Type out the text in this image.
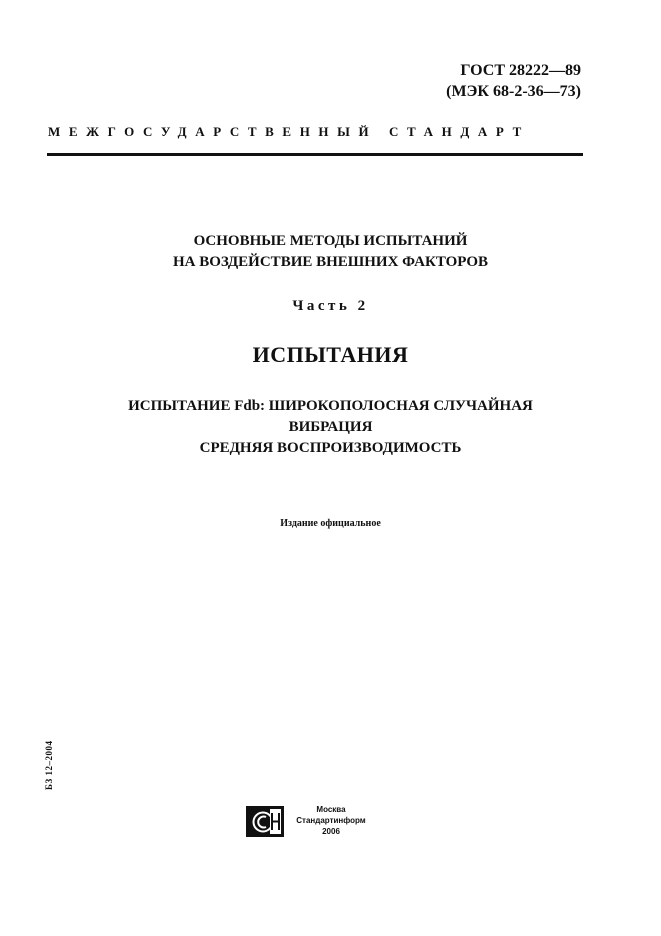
ГОСТ 28222—89
(МЭК 68-2-36—73)
МЕЖГОСУДАРСТВЕННЫЙ СТАНДАРТ
ОСНОВНЫЕ МЕТОДЫ ИСПЫТАНИЙ
НА ВОЗДЕЙСТВИЕ ВНЕШНИХ ФАКТОРОВ
Часть 2
ИСПЫТАНИЯ
ИСПЫТАНИЕ Fdb: ШИРОКОПОЛОСНАЯ СЛУЧАЙНАЯ
ВИБРАЦИЯ
СРЕДНЯЯ ВОСПРОИЗВОДИМОСТЬ
Издание официальное
БЗ 12–2004
Москва
Стандартинформ
2006
